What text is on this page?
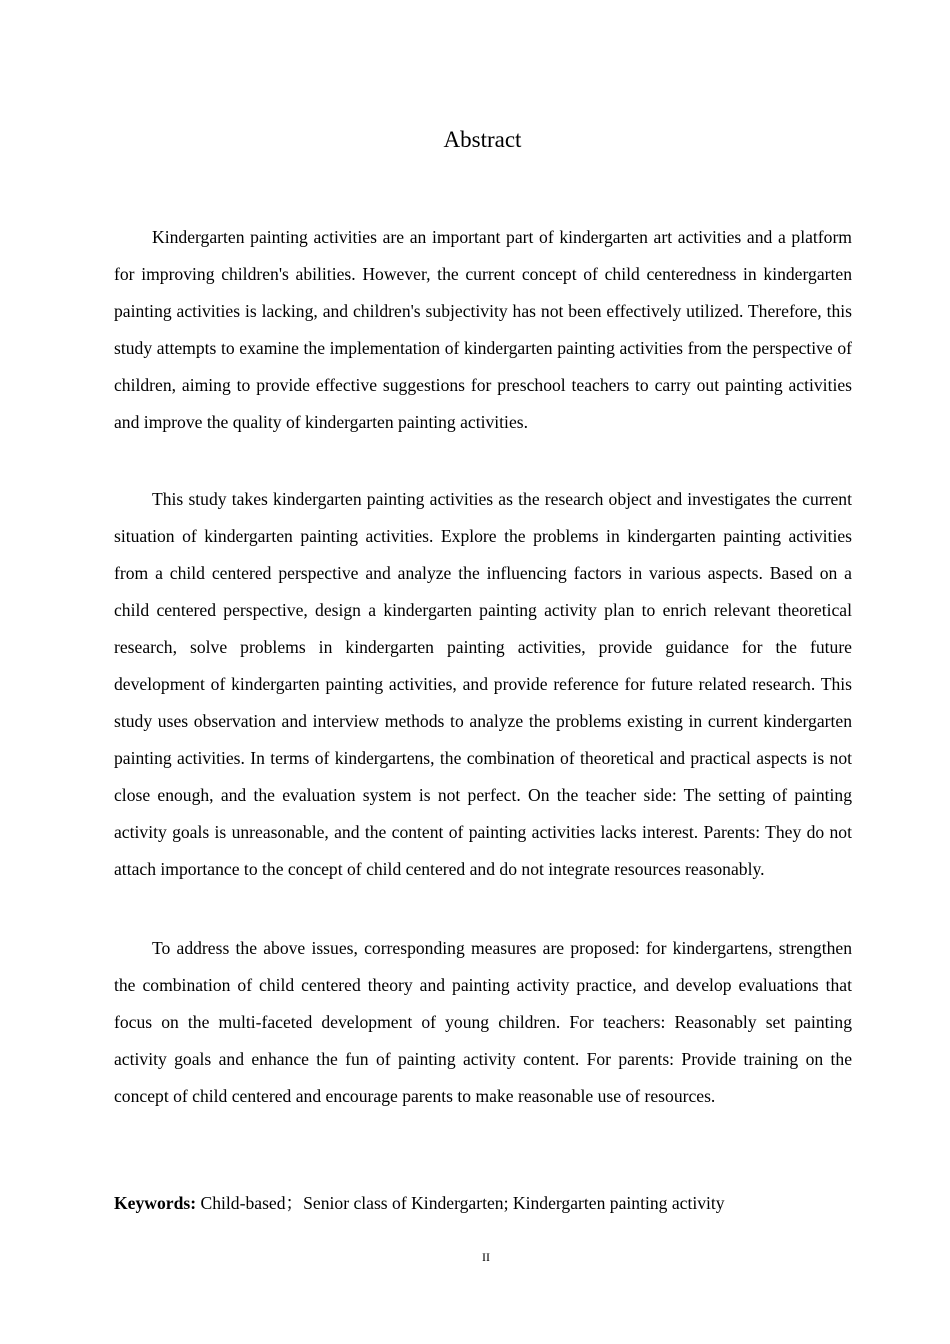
Abstract

Kindergarten painting activities are an important part of kindergarten art activities and a platform for improving children's abilities. However, the current concept of child centeredness in kindergarten painting activities is lacking, and children's subjectivity has not been effectively utilized. Therefore, this study attempts to examine the implementation of kindergarten painting activities from the perspective of children, aiming to provide effective suggestions for preschool teachers to carry out painting activities and improve the quality of kindergarten painting activities.

This study takes kindergarten painting activities as the research object and investigates the current situation of kindergarten painting activities. Explore the problems in kindergarten painting activities from a child centered perspective and analyze the influencing factors in various aspects. Based on a child centered perspective, design a kindergarten painting activity plan to enrich relevant theoretical research, solve problems in kindergarten painting activities, provide guidance for the future development of kindergarten painting activities, and provide reference for future related research. This study uses observation and interview methods to analyze the problems existing in current kindergarten painting activities. In terms of kindergartens, the combination of theoretical and practical aspects is not close enough, and the evaluation system is not perfect. On the teacher side: The setting of painting activity goals is unreasonable, and the content of painting activities lacks interest. Parents: They do not attach importance to the concept of child centered and do not integrate resources reasonably.

To address the above issues, corresponding measures are proposed: for kindergartens, strengthen the combination of child centered theory and painting activity practice, and develop evaluations that focus on the multi-faceted development of young children. For teachers: Reasonably set painting activity goals and enhance the fun of painting activity content. For parents: Provide training on the concept of child centered and encourage parents to make reasonable use of resources.

Keywords: Child-based；Senior class of Kindergarten; Kindergarten painting activity
II
